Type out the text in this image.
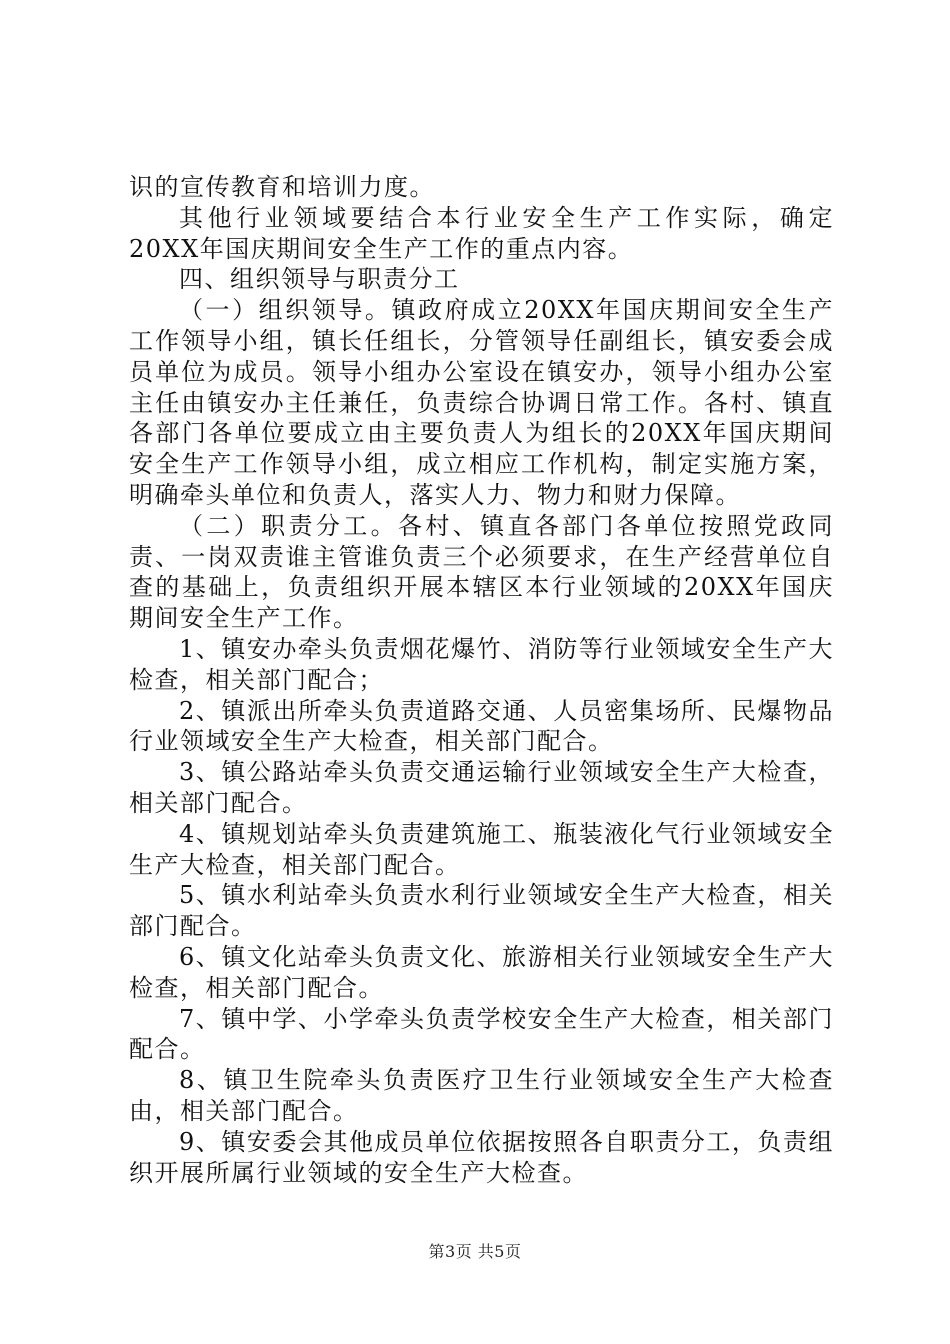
识的宣传教育和培训力度。

其他行业领域要结合本行业安全生产工作实际，确定20XX年国庆期间安全生产工作的重点内容。

四、组织领导与职责分工

（一）组织领导。镇政府成立20XX年国庆期间安全生产工作领导小组，镇长任组长，分管领导任副组长，镇安委会成员单位为成员。领导小组办公室设在镇安办，领导小组办公室主任由镇安办主任兼任，负责综合协调日常工作。各村、镇直各部门各单位要成立由主要负责人为组长的20XX年国庆期间安全生产工作领导小组，成立相应工作机构，制定实施方案，明确牵头单位和负责人，落实人力、物力和财力保障。

（二）职责分工。各村、镇直各部门各单位按照党政同责、一岗双责谁主管谁负责三个必须要求，在生产经营单位自查的基础上，负责组织开展本辖区本行业领域的20XX年国庆期间安全生产工作。

1、镇安办牵头负责烟花爆竹、消防等行业领域安全生产大检查，相关部门配合；

2、镇派出所牵头负责道路交通、人员密集场所、民爆物品行业领域安全生产大检查，相关部门配合。

3、镇公路站牵头负责交通运输行业领域安全生产大检查，相关部门配合。

4、镇规划站牵头负责建筑施工、瓶装液化气行业领域安全生产大检查，相关部门配合。

5、镇水利站牵头负责水利行业领域安全生产大检查，相关部门配合。

6、镇文化站牵头负责文化、旅游相关行业领域安全生产大检查，相关部门配合。

7、镇中学、小学牵头负责学校安全生产大检查，相关部门配合。

8、镇卫生院牵头负责医疗卫生行业领域安全生产大检查由，相关部门配合。

9、镇安委会其他成员单位依据按照各自职责分工，负责组织开展所属行业领域的安全生产大检查。

第3页 共5页
